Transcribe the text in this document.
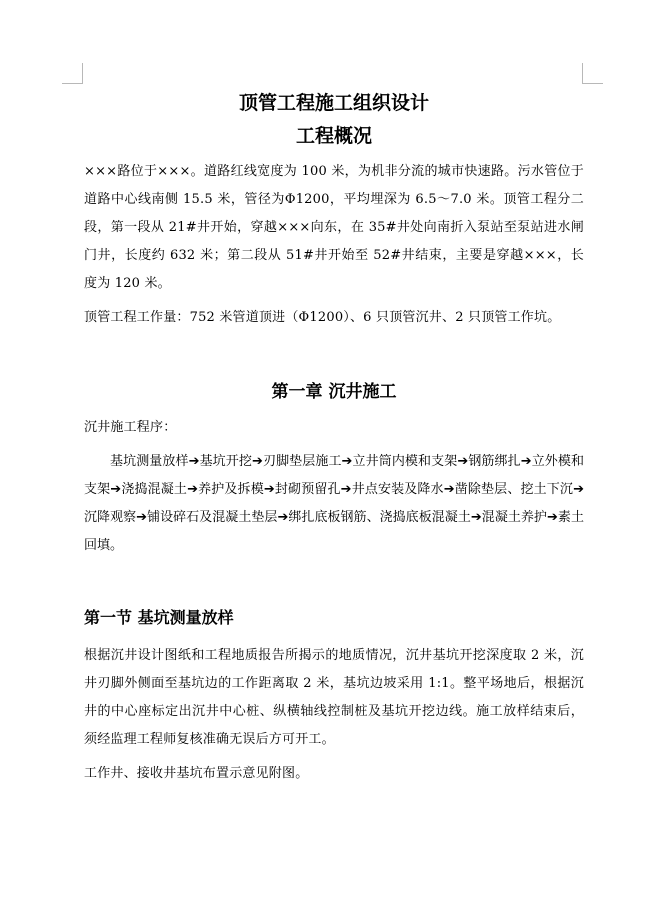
顶管工程施工组织设计
工程概况

×××路位于×××。道路红线宽度为 100 米，为机非分流的城市快速路。污水管位于道路中心线南侧 15.5 米，管径为Φ1200，平均埋深为 6.5～7.0 米。顶管工程分二段，第一段从 21#井开始，穿越×××向东，在 35#井处向南折入泵站至泵站进水闸门井，长度约 632 米；第二段从 51#井开始至 52#井结束，主要是穿越×××，长度为 120 米。

顶管工程工作量：752 米管道顶进（Φ1200）、6 只顶管沉井、2 只顶管工作坑。

第一章 沉井施工

沉井施工程序：

基坑测量放样➔基坑开挖➔刃脚垫层施工➔立井筒内模和支架➔钢筋绑扎➔立外模和支架➔浇捣混凝土➔养护及拆模➔封砌预留孔➔井点安装及降水➔凿除垫层、挖土下沉➔沉降观察➔铺设碎石及混凝土垫层➔绑扎底板钢筋、浇捣底板混凝土➔混凝土养护➔素土回填。

第一节 基坑测量放样

根据沉井设计图纸和工程地质报告所揭示的地质情况，沉井基坑开挖深度取 2 米，沉井刃脚外侧面至基坑边的工作距离取 2 米，基坑边坡采用 1:1。整平场地后，根据沉井的中心座标定出沉井中心桩、纵横轴线控制桩及基坑开挖边线。施工放样结束后，须经监理工程师复核准确无误后方可开工。

工作井、接收井基坑布置示意见附图。
